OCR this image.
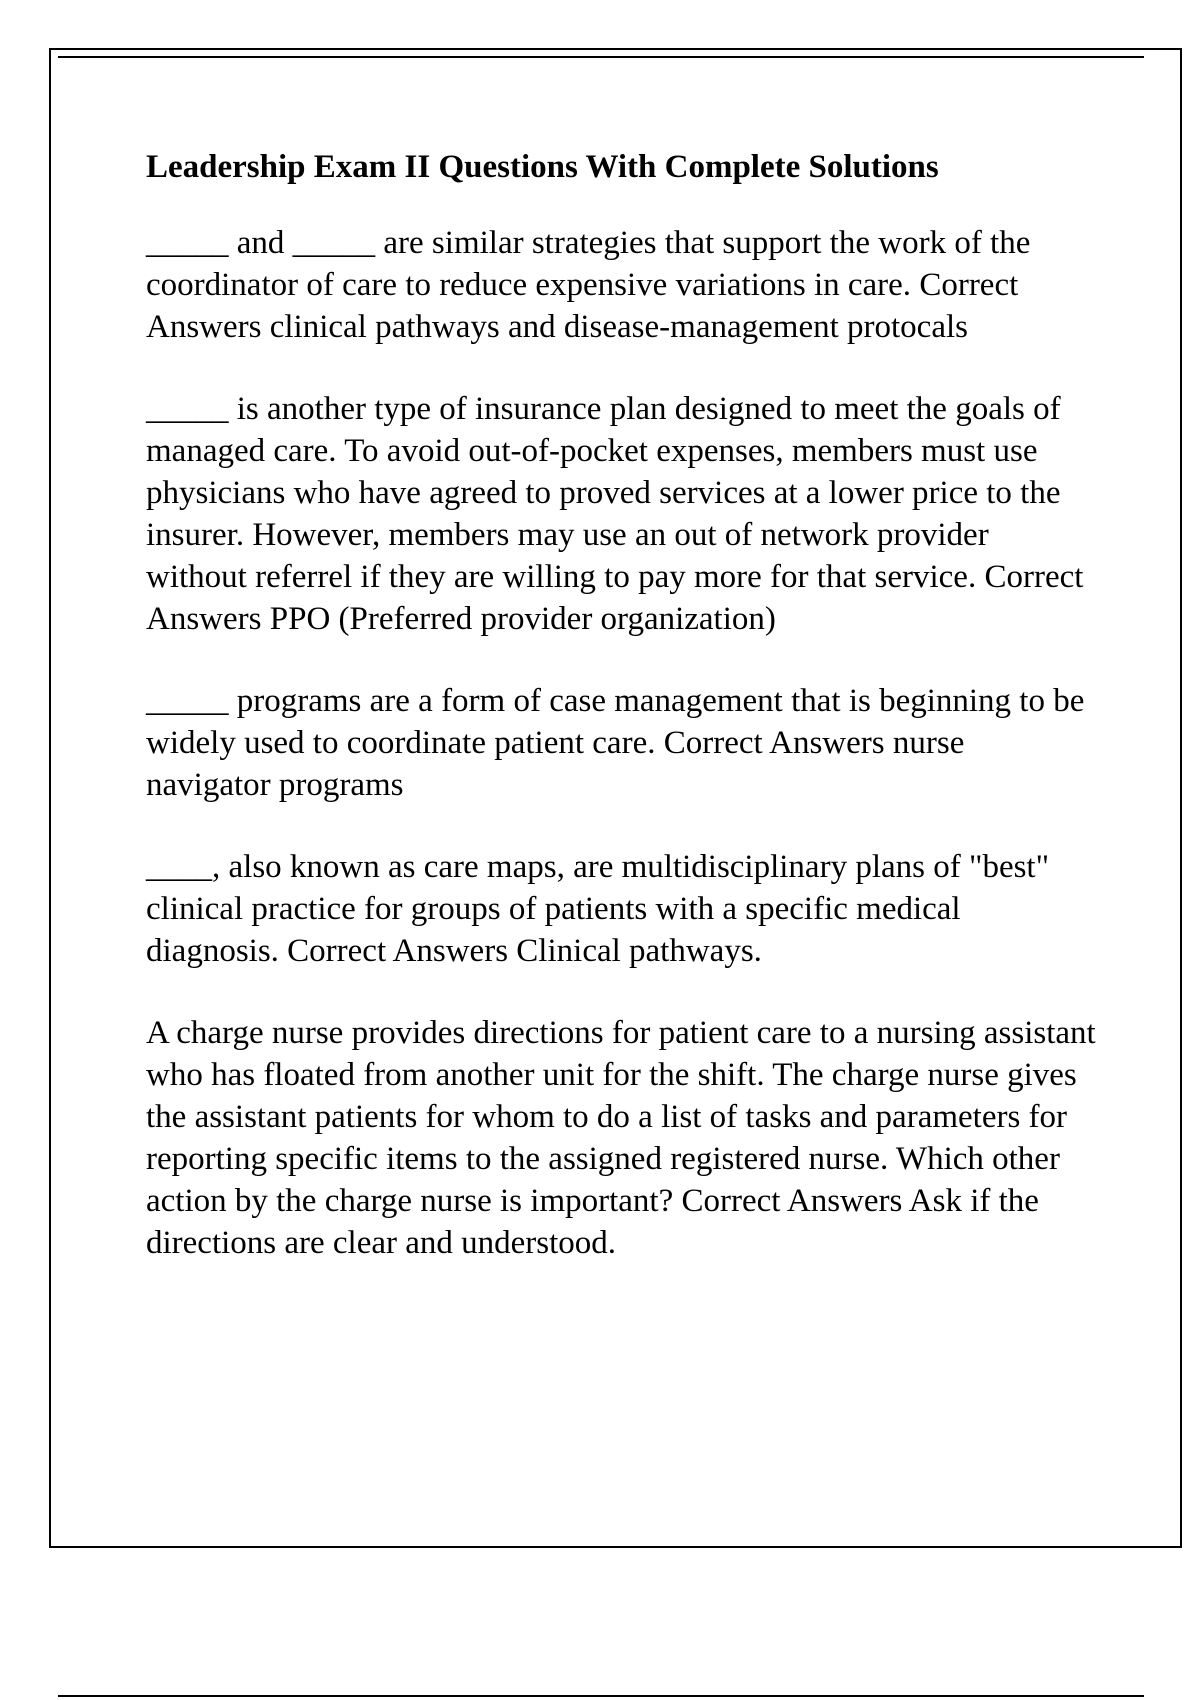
Leadership Exam II Questions With Complete Solutions

_____ and _____ are similar strategies that support the work of the coordinator of care to reduce expensive variations in care. Correct Answers clinical pathways and disease-management protocals

_____ is another type of insurance plan designed to meet the goals of managed care. To avoid out-of-pocket expenses, members must use physicians who have agreed to proved services at a lower price to the insurer. However, members may use an out of network provider without referrel if they are willing to pay more for that service. Correct Answers PPO (Preferred provider organization)

_____ programs are a form of case management that is beginning to be widely used to coordinate patient care. Correct Answers nurse navigator programs

____, also known as care maps, are multidisciplinary plans of "best" clinical practice for groups of patients with a specific medical diagnosis. Correct Answers Clinical pathways.

A charge nurse provides directions for patient care to a nursing assistant who has floated from another unit for the shift. The charge nurse gives the assistant patients for whom to do a list of tasks and parameters for reporting specific items to the assigned registered nurse. Which other action by the charge nurse is important? Correct Answers Ask if the directions are clear and understood.
